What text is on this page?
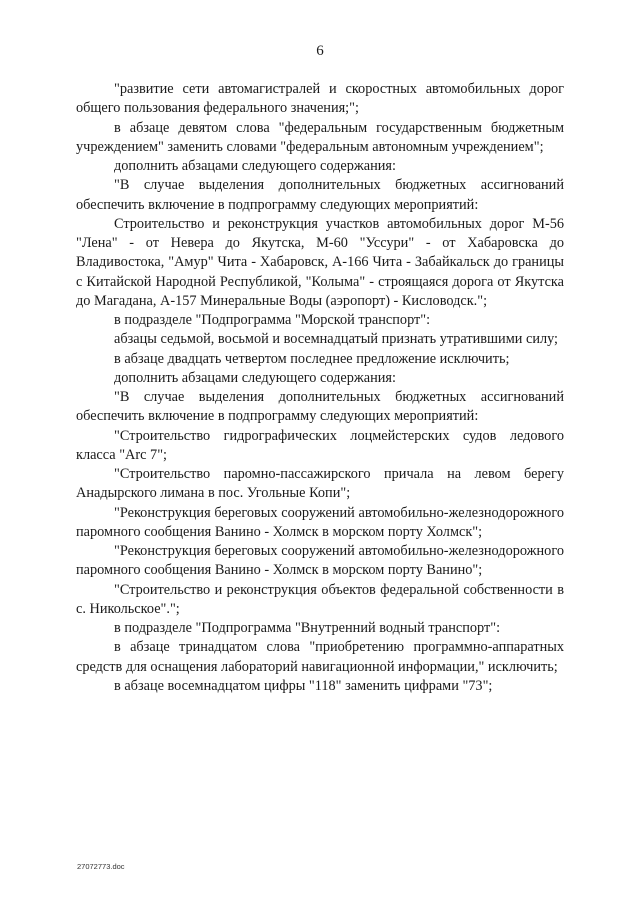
6

"развитие сети автомагистралей и скоростных автомобильных дорог общего пользования федерального значения;";

в абзаце девятом слова "федеральным государственным бюджетным учреждением" заменить словами "федеральным автономным учреждением";

дополнить абзацами следующего содержания:

"В случае выделения дополнительных бюджетных ассигнований обеспечить включение в подпрограмму следующих мероприятий:

Строительство и реконструкция участков автомобильных дорог М-56 "Лена" - от Невера до Якутска, М-60 "Уссури" - от Хабаровска до Владивостока, "Амур" Чита - Хабаровск, А-166 Чита - Забайкальск до границы с Китайской Народной Республикой, "Колыма" - строящаяся дорога от Якутска до Магадана, А-157 Минеральные Воды (аэропорт) - Кисловодск.";

в подразделе "Подпрограмма "Морской транспорт":

абзацы седьмой, восьмой и восемнадцатый признать утратившими силу;

в абзаце двадцать четвертом последнее предложение исключить;

дополнить абзацами следующего содержания:

"В случае выделения дополнительных бюджетных ассигнований обеспечить включение в подпрограмму следующих мероприятий:

"Строительство гидрографических лоцмейстерских судов ледового класса "Arc 7";

"Строительство паромно-пассажирского причала на левом берегу Анадырского лимана в пос. Угольные Копи";

"Реконструкция береговых сооружений автомобильно-железнодорожного паромного сообщения Ванино - Холмск в морском порту Холмск";

"Реконструкция береговых сооружений автомобильно-железнодорожного паромного сообщения Ванино - Холмск в морском порту Ванино";

"Строительство и реконструкция объектов федеральной собственности в с. Никольское".";

в подразделе "Подпрограмма "Внутренний водный транспорт":

в абзаце тринадцатом слова "приобретению программно-аппаратных средств для оснащения лабораторий навигационной информации," исключить;

в абзаце восемнадцатом цифры "118" заменить цифрами "73";

27072773.doc
